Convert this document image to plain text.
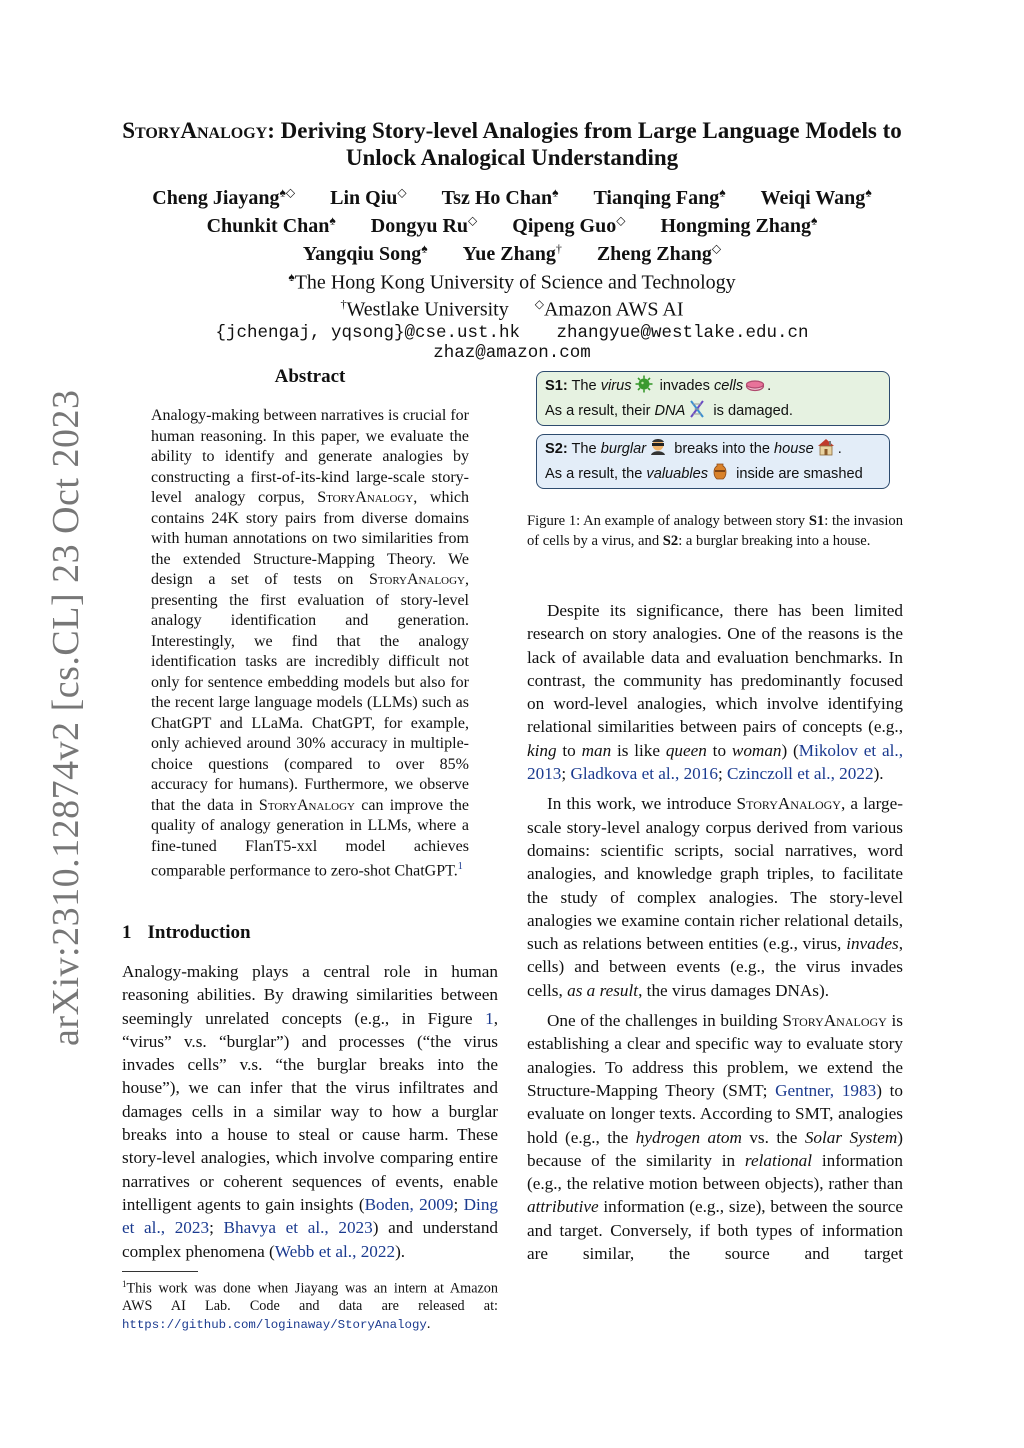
arXiv:2310.12874v2 [cs.CL] 23 Oct 2023
StoryAnalogy: Deriving Story-level Analogies from Large Language Models to Unlock Analogical Understanding
Cheng Jiayang♠◇ Lin Qiu◇ Tsz Ho Chan♠ Tianqing Fang♠ Weiqi Wang♠
Chunkit Chan♠ Dongyu Ru◇ Qipeng Guo◇ Hongming Zhang♠
Yangqiu Song♠ Yue Zhang† Zheng Zhang◇
♠The Hong Kong University of Science and Technology
†Westlake University ◇Amazon AWS AI
{jchengaj, yqsong}@cse.ust.hk zhangyue@westlake.edu.cn zhaz@amazon.com
Abstract
Analogy-making between narratives is crucial for human reasoning. In this paper, we evaluate the ability to identify and generate analogies by constructing a first-of-its-kind large-scale story-level analogy corpus, StoryAnalogy, which contains 24K story pairs from diverse domains with human annotations on two similarities from the extended Structure-Mapping Theory. We design a set of tests on StoryAnalogy, presenting the first evaluation of story-level analogy identification and generation. Interestingly, we find that the analogy identification tasks are incredibly difficult not only for sentence embedding models but also for the recent large language models (LLMs) such as ChatGPT and LLaMa. ChatGPT, for example, only achieved around 30% accuracy in multiple-choice questions (compared to over 85% accuracy for humans). Furthermore, we observe that the data in StoryAnalogy can improve the quality of analogy generation in LLMs, where a fine-tuned FlanT5-xxl model achieves comparable performance to zero-shot ChatGPT.$^1$
1 Introduction
Analogy-making plays a central role in human reasoning abilities. By drawing similarities between seemingly unrelated concepts (e.g., in Figure 1, “virus” v.s. “burglar”) and processes (“the virus invades cells” v.s. “the burglar breaks into the house”), we can infer that the virus infiltrates and damages cells in a similar way to how a burglar breaks into a house to steal or cause harm. These story-level analogies, which involve comparing entire narratives or coherent sequences of events, enable intelligent agents to gain insights (Boden, 2009; Ding et al., 2023; Bhavya et al., 2023) and understand complex phenomena (Webb et al., 2022).
$^1$This work was done when Jiayang was an intern at Amazon AWS AI Lab. Code and data are released at: https://github.com/loginaway/StoryAnalogy.
S1: The virus invades cells .
As a result, their DNA is damaged.
S2: The burglar breaks into the house .
As a result, the valuables inside are smashed
Figure 1: An example of analogy between story S1: the invasion of cells by a virus, and S2: a burglar breaking into a house.

Despite its significance, there has been limited research on story analogies. One of the reasons is the lack of available data and evaluation benchmarks. In contrast, the community has predominantly focused on word-level analogies, which involve identifying relational similarities between pairs of concepts (e.g., king to man is like queen to woman) (Mikolov et al., 2013; Gladkova et al., 2016; Czinczoll et al., 2022).

In this work, we introduce StoryAnalogy, a large-scale story-level analogy corpus derived from various domains: scientific scripts, social narratives, word analogies, and knowledge graph triples, to facilitate the study of complex analogies. The story-level analogies we examine contain richer relational details, such as relations between entities (e.g., virus, invades, cells) and between events (e.g., the virus invades cells, as a result, the virus damages DNAs).

One of the challenges in building StoryAnalogy is establishing a clear and specific way to evaluate story analogies. To address this problem, we extend the Structure-Mapping Theory (SMT; Gentner, 1983) to evaluate on longer texts. According to SMT, analogies hold (e.g., the hydrogen atom vs. the Solar System) because of the similarity in relational information (e.g., the relative motion between objects), rather than attributive information (e.g., size), between the source and target. Conversely, if both types of information are similar, the source and target
